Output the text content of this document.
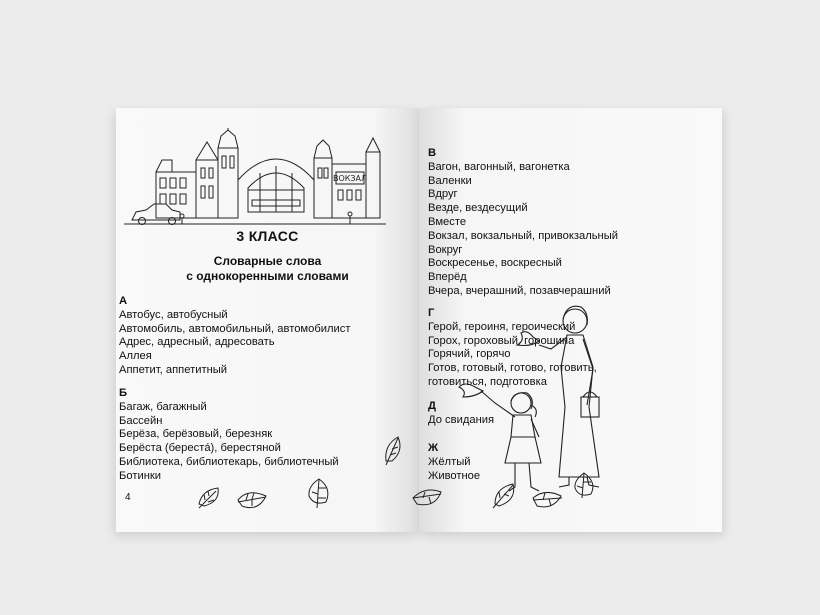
ВОКЗАЛ
3 КЛАСС
Словарные слова
с однокоренными словами
А
Автобус, автобусный
Автомобиль, автомобильный, автомобилист
Адрес, адресный, адресовать
Аллея
Аппетит, аппетитный
Б
Багаж, багажный
Бассейн
Берёза, берёзовый, березняк
Берёста (берестá), берестяной
Библиотека, библиотекарь, библиотечный
Ботинки
4
В
Вагон, вагонный, вагонетка
Валенки
Вдруг
Везде, вездесущий
Вместе
Вокзал, вокзальный, привокзальный
Вокруг
Воскресенье, воскресный
Вперёд
Вчера, вчерашний, позавчерашний
Г
Герой, героиня, героический
Горох, гороховый, горошина
Горячий, горячо
Готов, готовый, готово, готовить,
готовиться, подготовка
Д
До свидания
Ж
Жёлтый
Животное
